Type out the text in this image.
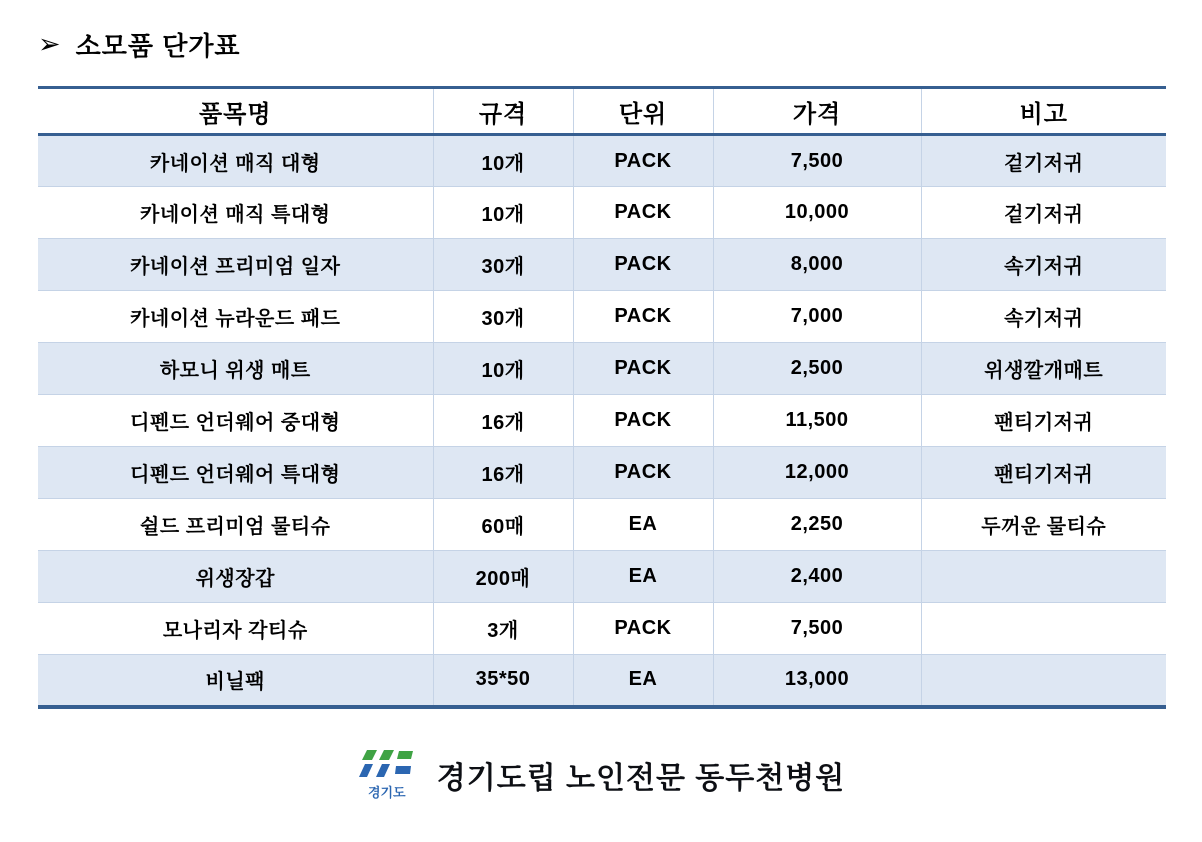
➢ 소모품 단가표
품목명	규격	단위	가격	비고
카네이션 매직 대형	10개	PACK	7,500	겉기저귀
카네이션 매직 특대형	10개	PACK	10,000	겉기저귀
카네이션 프리미엄 일자	30개	PACK	8,000	속기저귀
카네이션 뉴라운드 패드	30개	PACK	7,000	속기저귀
하모니 위생 매트	10개	PACK	2,500	위생깔개매트
디펜드 언더웨어 중대형	16개	PACK	11,500	팬티기저귀
디펜드 언더웨어 특대형	16개	PACK	12,000	팬티기저귀
쉴드 프리미엄 물티슈	60매	EA	2,250	두꺼운 물티슈
위생장갑	200매	EA	2,400	
모나리자 각티슈	3개	PACK	7,500	
비닐팩	35*50	EA	13,000	
경기도 경기도립 노인전문 동두천병원
